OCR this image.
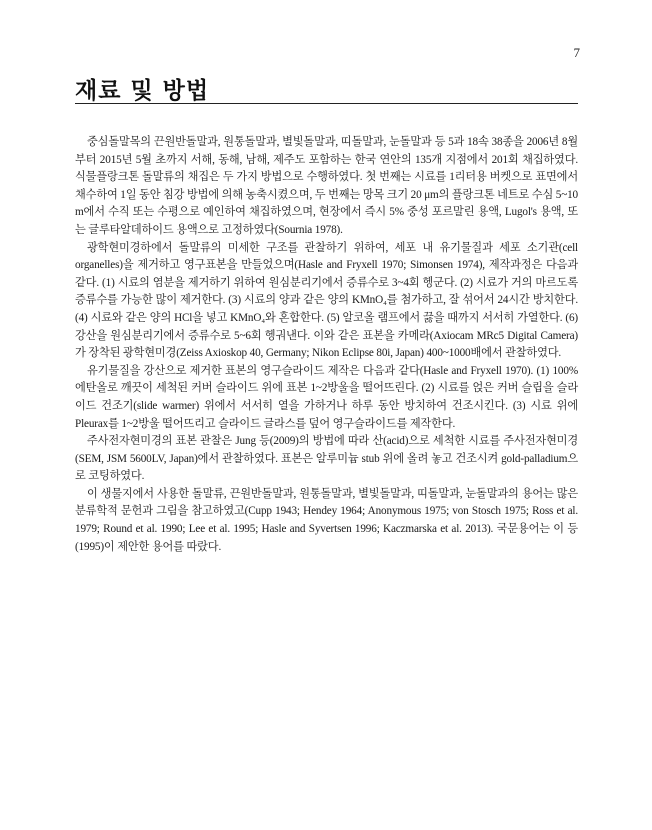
7
재료 및 방법

중심돌말목의 끈원반돌말과, 원통돌말과, 별빛돌말과, 띠돌말과, 눈돌말과 등 5과 18속 38종을 2006년 8월부터 2015년 5월 초까지 서해, 동해, 남해, 제주도 포함하는 한국 연안의 135개 지점에서 201회 채집하였다. 식물플랑크톤 돌말류의 채집은 두 가지 방법으로 수행하였다. 첫 번째는 시료를 1리터용 버켓으로 표면에서 채수하여 1일 동안 침강 방법에 의해 농축시켰으며, 두 번째는 망목 크기 20 μm의 플랑크톤 네트로 수심 5~10 m에서 수직 또는 수평으로 예인하여 채집하였으며, 현장에서 즉시 5% 중성 포르말린 용액, Lugol's 용액, 또는 글루타알데하이드 용액으로 고정하였다(Sournia 1978).

광학현미경하에서 돌말류의 미세한 구조를 관찰하기 위하여, 세포 내 유기물질과 세포 소기관(cell organelles)을 제거하고 영구표본을 만들었으며(Hasle and Fryxell 1970; Simonsen 1974), 제작과정은 다음과 같다. (1) 시료의 염분을 제거하기 위하여 원심분리기에서 증류수로 3~4회 헹군다. (2) 시료가 거의 마르도록 증류수를 가능한 많이 제거한다. (3) 시료의 양과 같은 양의 KMnO₄를 첨가하고, 잘 섞어서 24시간 방치한다. (4) 시료와 같은 양의 HCl을 넣고 KMnO₄와 혼합한다. (5) 알코올 램프에서 끓을 때까지 서서히 가열한다. (6) 강산을 원심분리기에서 증류수로 5~6회 헹궈낸다. 이와 같은 표본을 카메라(Axiocam MRc5 Digital Camera)가 장착된 광학현미경(Zeiss Axioskop 40, Germany; Nikon Eclipse 80i, Japan) 400~1000배에서 관찰하였다.

유기물질을 강산으로 제거한 표본의 영구슬라이드 제작은 다음과 같다(Hasle and Fryxell 1970). (1) 100% 에탄올로 깨끗이 세척된 커버 슬라이드 위에 표본 1~2방울을 떨어뜨린다. (2) 시료를 얹은 커버 슬립을 슬라이드 건조기(slide warmer) 위에서 서서히 열을 가하거나 하루 동안 방치하여 건조시킨다. (3) 시료 위에 Pleurax를 1~2방울 떨어뜨리고 슬라이드 글라스를 덮어 영구슬라이드를 제작한다.

주사전자현미경의 표본 관찰은 Jung 등(2009)의 방법에 따라 산(acid)으로 세척한 시료를 주사전자현미경(SEM, JSM 5600LV, Japan)에서 관찰하였다. 표본은 알루미늄 stub 위에 올려 놓고 건조시켜 gold-palladium으로 코팅하였다.

이 생물지에서 사용한 돌말류, 끈원반돌말과, 원통돌말과, 별빛돌말과, 띠돌말과, 눈돌말과의 용어는 많은 분류학적 문헌과 그림을 참고하였고(Cupp 1943; Hendey 1964; Anonymous 1975; von Stosch 1975; Ross et al. 1979; Round et al. 1990; Lee et al. 1995; Hasle and Syvertsen 1996; Kaczmarska et al. 2013). 국문용어는 이 등(1995)이 제안한 용어를 따랐다.
